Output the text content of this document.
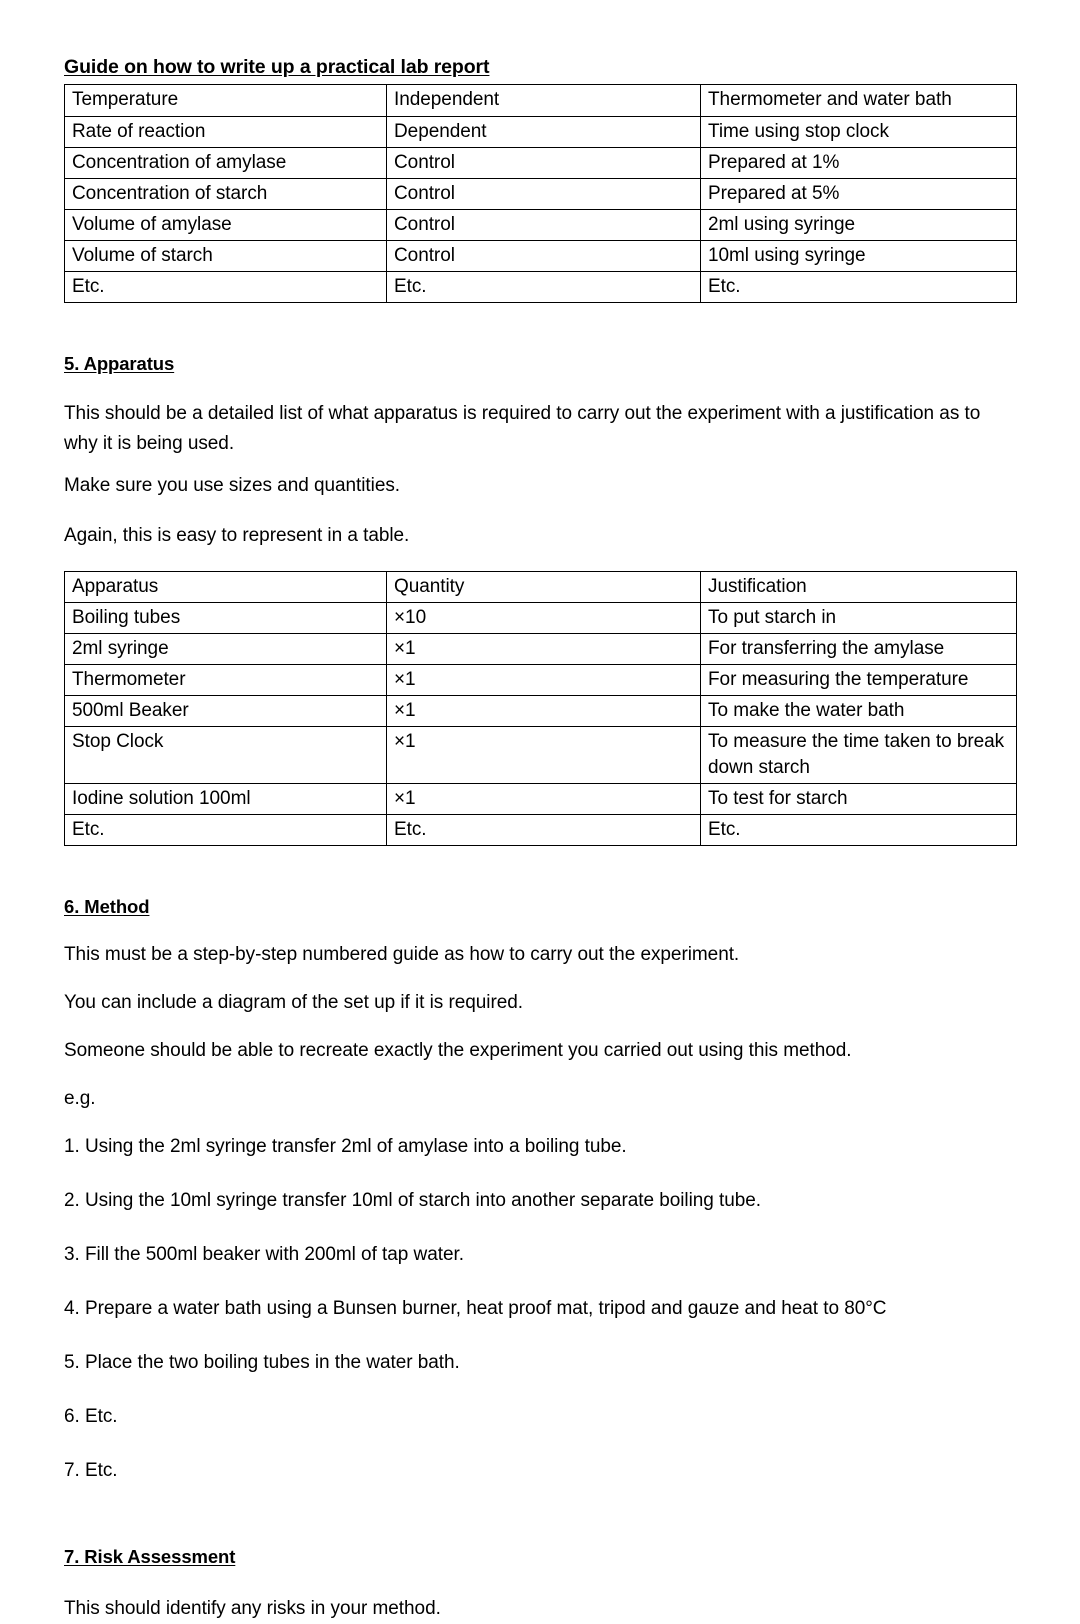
Guide on how to write up a practical lab report
Temperature	Independent	Thermometer and water bath
Rate of reaction	Dependent	Time using stop clock
Concentration of amylase	Control	Prepared at 1%
Concentration of starch	Control	Prepared at 5%
Volume of amylase	Control	2ml using syringe
Volume of starch	Control	10ml using syringe
Etc.	Etc.	Etc.
5. Apparatus

This should be a detailed list of what apparatus is required to carry out the experiment with a justification as to why it is being used.

Make sure you use sizes and quantities.

Again, this is easy to represent in a table.

Apparatus	Quantity	Justification
Boiling tubes	×10	To put starch in
2ml syringe	×1	For transferring the amylase
Thermometer	×1	For measuring the temperature
500ml Beaker	×1	To make the water bath
Stop Clock	×1	To measure the time taken to break down starch
Iodine solution 100ml	×1	To test for starch
Etc.	Etc.	Etc.
6. Method

This must be a step-by-step numbered guide as how to carry out the experiment.

You can include a diagram of the set up if it is required.

Someone should be able to recreate exactly the experiment you carried out using this method.

e.g.

1. Using the 2ml syringe transfer 2ml of amylase into a boiling tube.
2. Using the 10ml syringe transfer 10ml of starch into another separate boiling tube.
3. Fill the 500ml beaker with 200ml of tap water.
4. Prepare a water bath using a Bunsen burner, heat proof mat, tripod and gauze and heat to 80°C
5. Place the two boiling tubes in the water bath.
6. Etc.
7. Etc.
7. Risk Assessment

This should identify any risks in your method.
